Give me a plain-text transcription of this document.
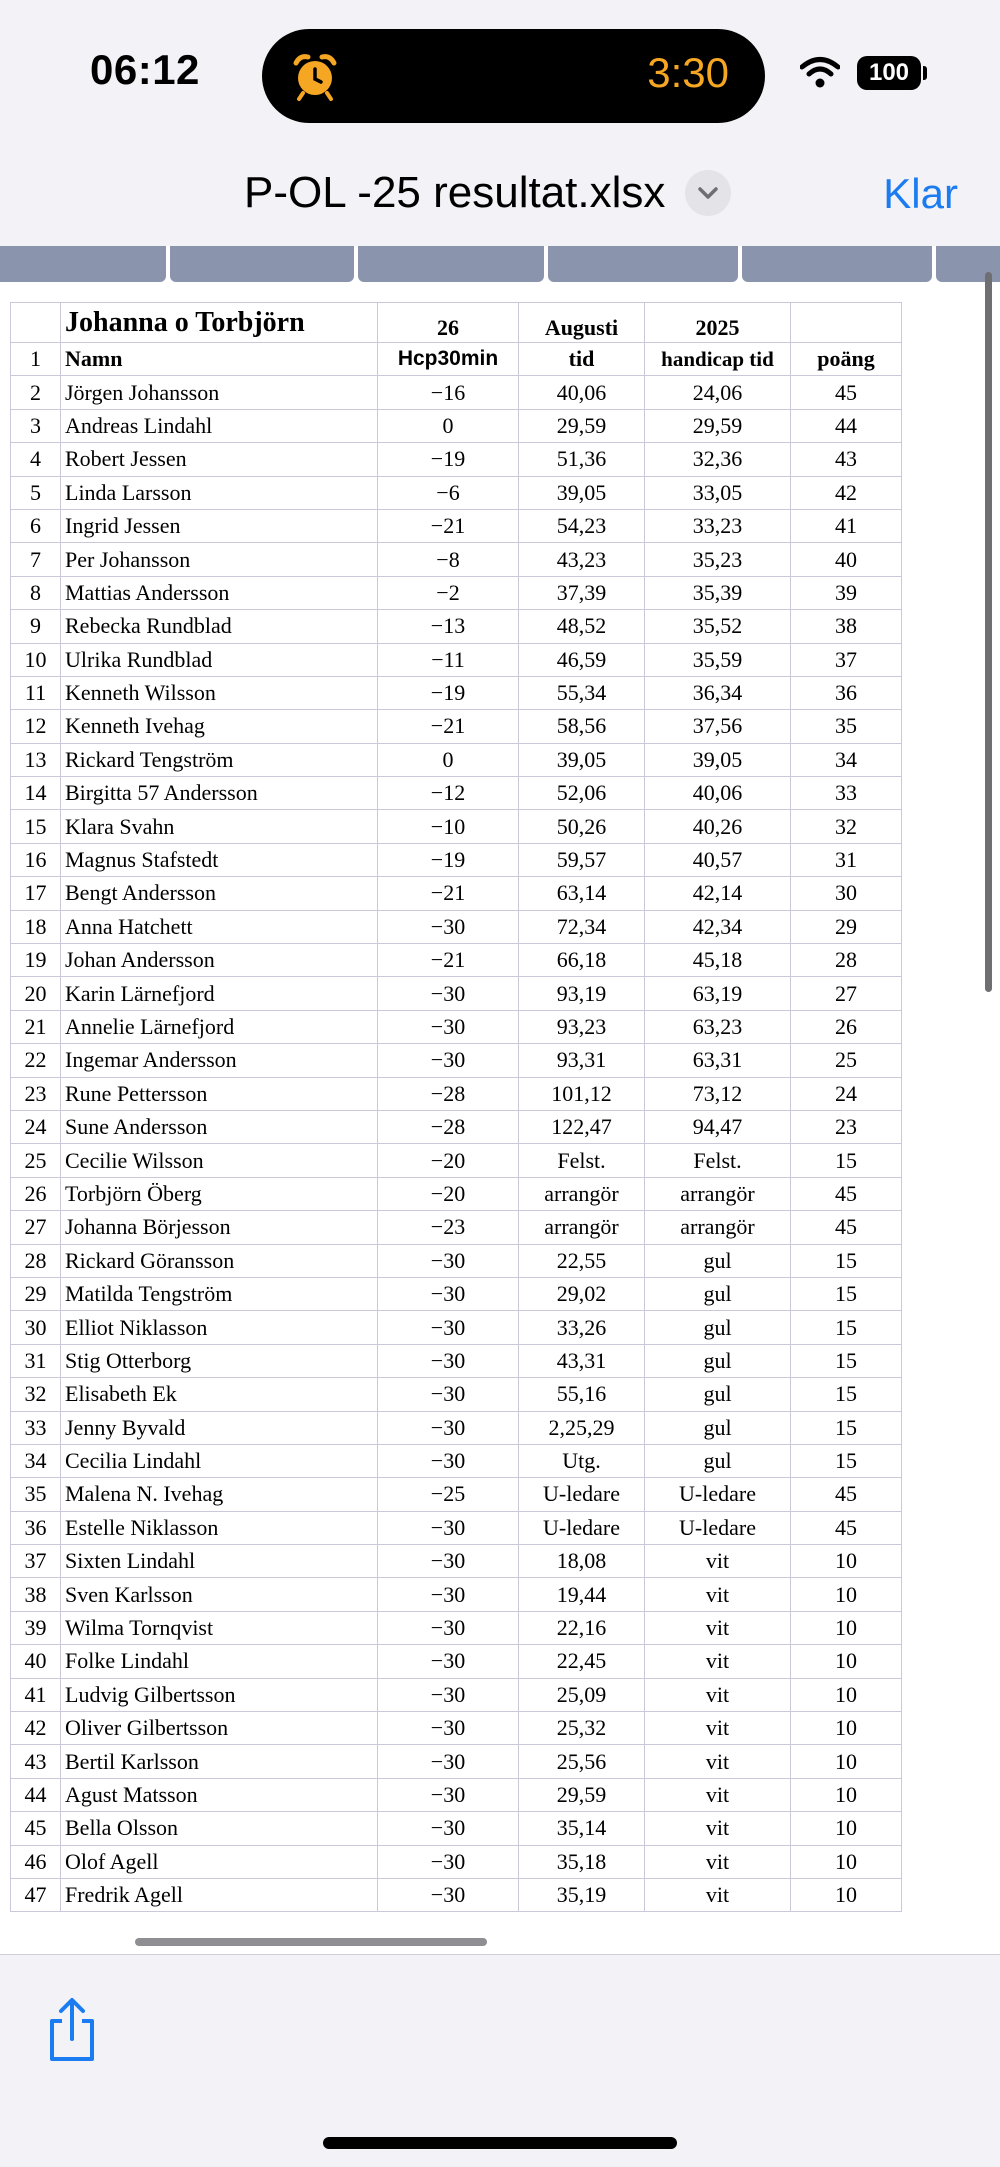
06:12	3:30	100
P-OL -25 resultat.xlsx	Klar
	Johanna o Torbjörn	26	Augusti	2025	
1	Namn	Hcp30min	tid	handicap tid	poäng
2	Jörgen Johansson	−16	40,06	24,06	45
3	Andreas Lindahl	0	29,59	29,59	44
4	Robert Jessen	−19	51,36	32,36	43
5	Linda Larsson	−6	39,05	33,05	42
6	Ingrid Jessen	−21	54,23	33,23	41
7	Per Johansson	−8	43,23	35,23	40
8	Mattias Andersson	−2	37,39	35,39	39
9	Rebecka Rundblad	−13	48,52	35,52	38
10	Ulrika Rundblad	−11	46,59	35,59	37
11	Kenneth Wilsson	−19	55,34	36,34	36
12	Kenneth Ivehag	−21	58,56	37,56	35
13	Rickard Tengström	0	39,05	39,05	34
14	Birgitta 57 Andersson	−12	52,06	40,06	33
15	Klara Svahn	−10	50,26	40,26	32
16	Magnus Stafstedt	−19	59,57	40,57	31
17	Bengt Andersson	−21	63,14	42,14	30
18	Anna Hatchett	−30	72,34	42,34	29
19	Johan Andersson	−21	66,18	45,18	28
20	Karin Lärnefjord	−30	93,19	63,19	27
21	Annelie Lärnefjord	−30	93,23	63,23	26
22	Ingemar Andersson	−30	93,31	63,31	25
23	Rune Pettersson	−28	101,12	73,12	24
24	Sune Andersson	−28	122,47	94,47	23
25	Cecilie Wilsson	−20	Felst.	Felst.	15
26	Torbjörn Öberg	−20	arrangör	arrangör	45
27	Johanna Börjesson	−23	arrangör	arrangör	45
28	Rickard Göransson	−30	22,55	gul	15
29	Matilda Tengström	−30	29,02	gul	15
30	Elliot Niklasson	−30	33,26	gul	15
31	Stig Otterborg	−30	43,31	gul	15
32	Elisabeth Ek	−30	55,16	gul	15
33	Jenny Byvald	−30	2,25,29	gul	15
34	Cecilia Lindahl	−30	Utg.	gul	15
35	Malena N. Ivehag	−25	U-ledare	U-ledare	45
36	Estelle Niklasson	−30	U-ledare	U-ledare	45
37	Sixten Lindahl	−30	18,08	vit	10
38	Sven Karlsson	−30	19,44	vit	10
39	Wilma Tornqvist	−30	22,16	vit	10
40	Folke Lindahl	−30	22,45	vit	10
41	Ludvig Gilbertsson	−30	25,09	vit	10
42	Oliver Gilbertsson	−30	25,32	vit	10
43	Bertil Karlsson	−30	25,56	vit	10
44	Agust Matsson	−30	29,59	vit	10
45	Bella Olsson	−30	35,14	vit	10
46	Olof Agell	−30	35,18	vit	10
47	Fredrik Agell	−30	35,19	vit	10
